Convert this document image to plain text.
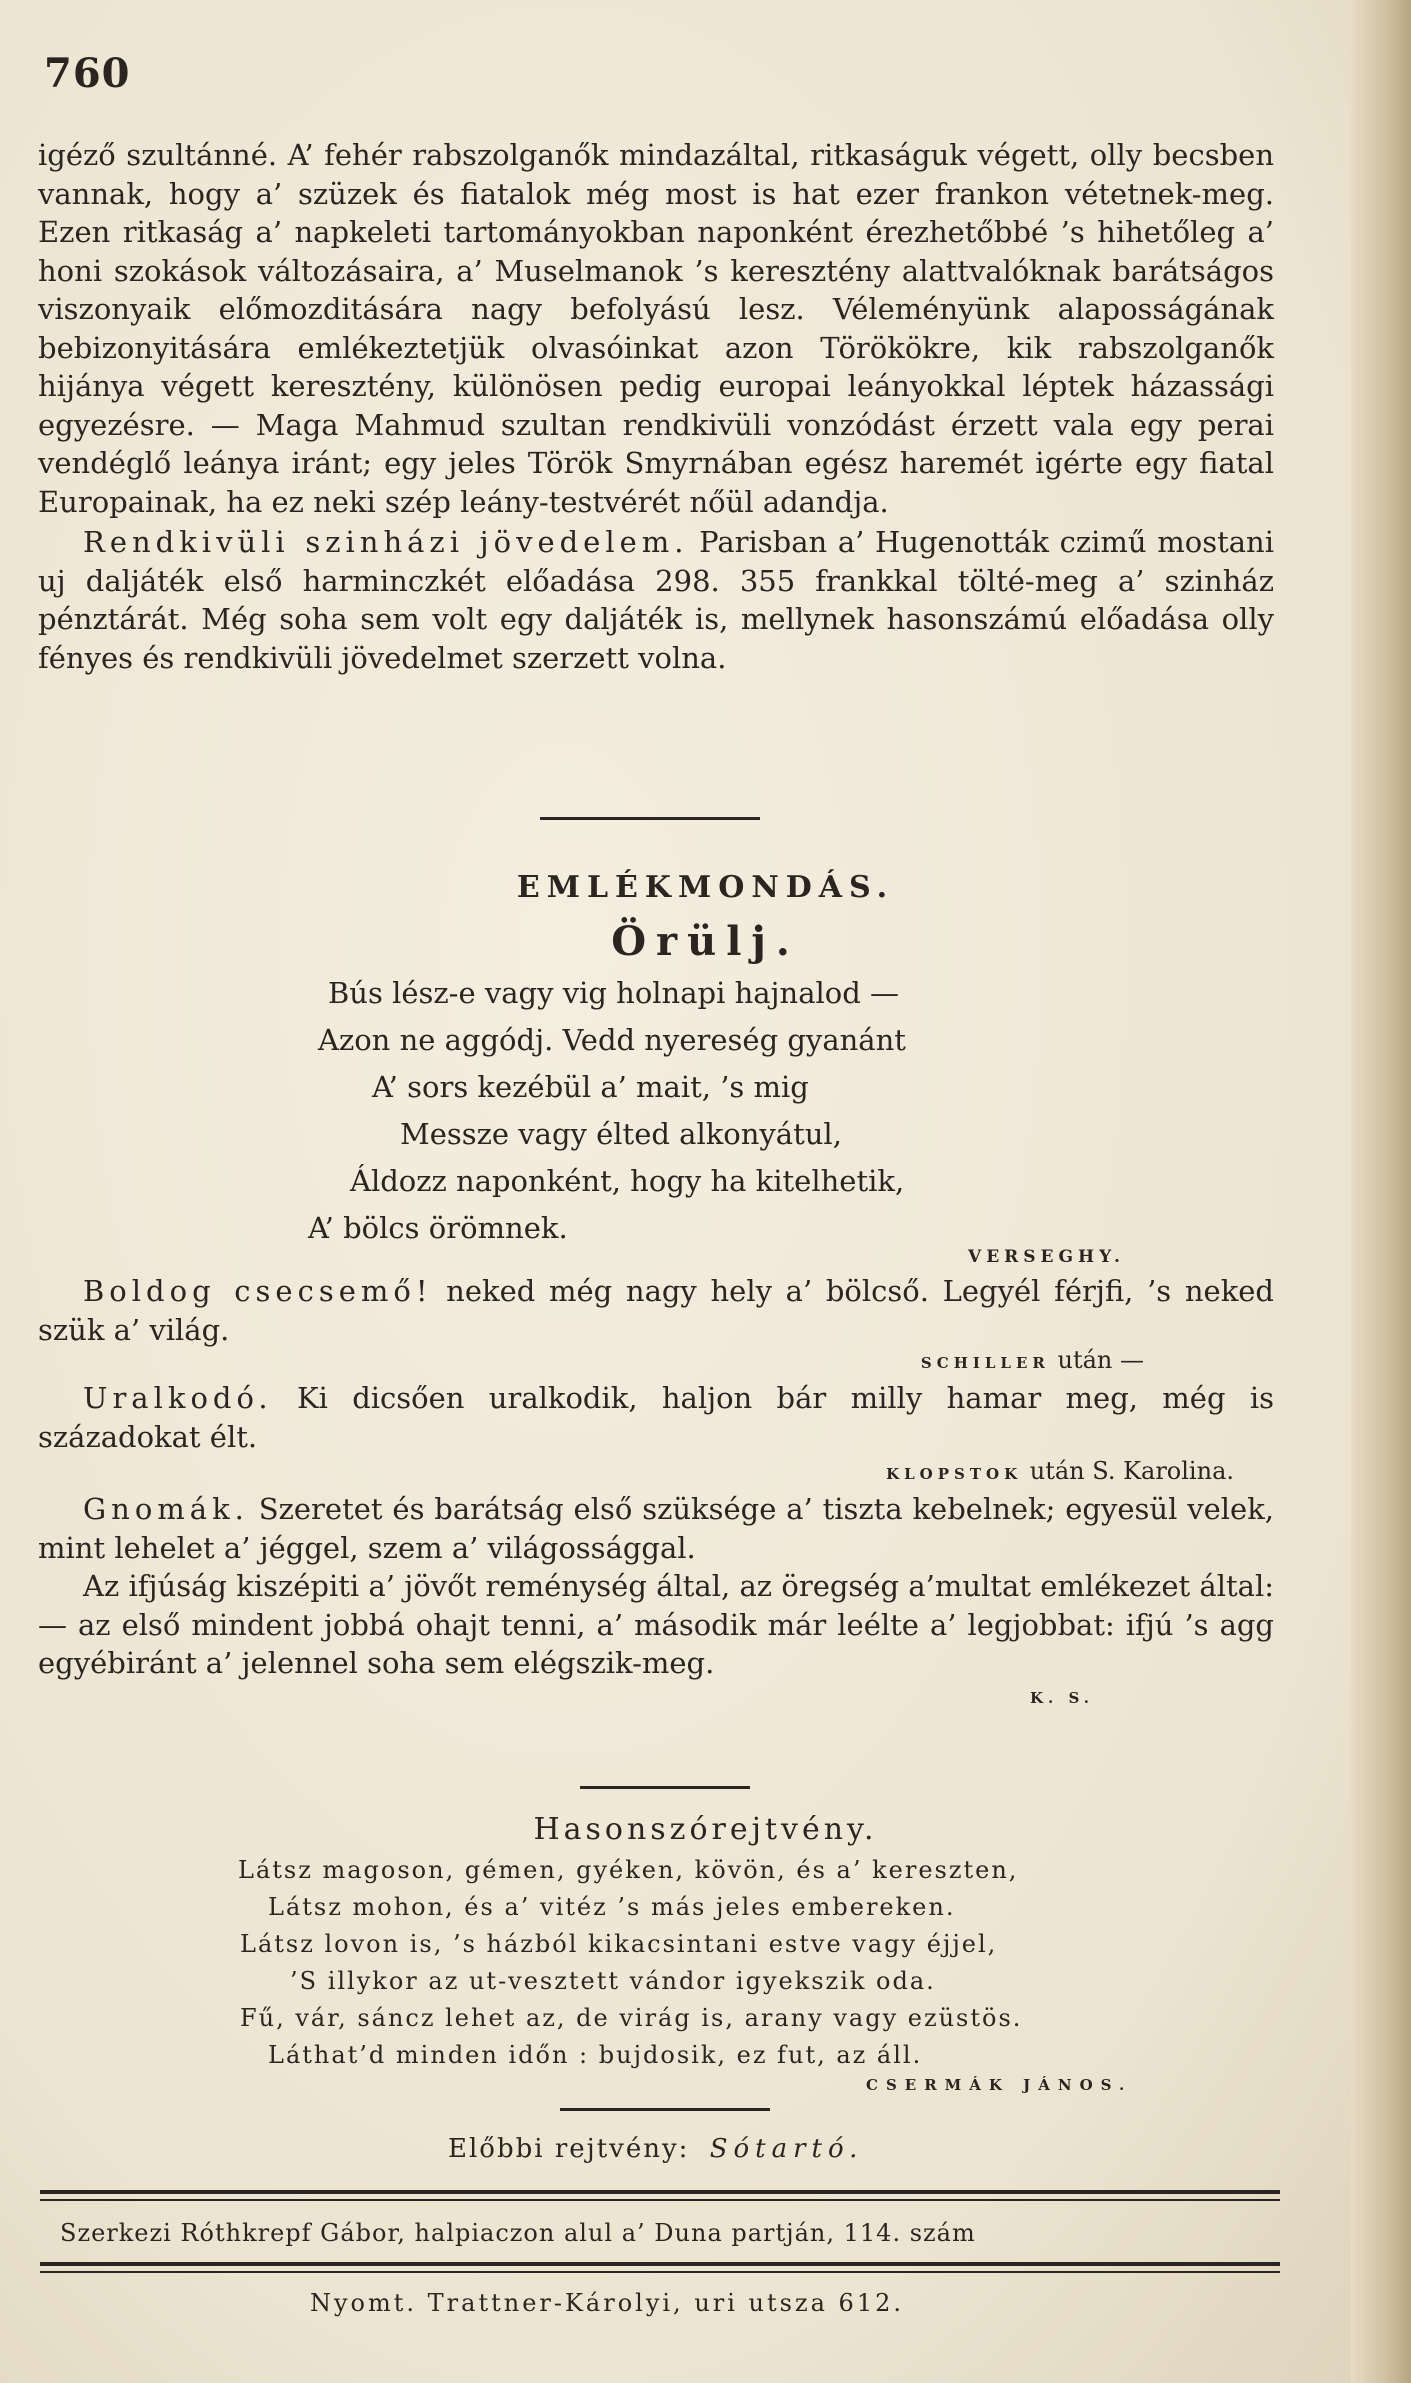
760

igéző szultánné. A’ fehér rabszolganők mindazáltal, ritkaságuk végett, olly becsben vannak, hogy a’ szüzek és fiatalok még most is hat ezer frankon vétetnek-meg. Ezen ritkaság a’ napkeleti tartományokban naponként érezhetőbbé ’s hihetőleg a’ honi szokások változásaira, a’ Muselmanok ’s keresztény alattvalóknak barátságos viszonyaik előmozditására nagy befolyású lesz. Véleményünk alaposságának bebizonyitására emlékeztetjük olvasóinkat azon Törökökre, kik rabszolganők hijánya végett keresztény, különösen pedig europai leányokkal léptek házassági egyezésre. — Maga Mahmud szultan rendkivüli vonzódást érzett vala egy perai vendéglő leánya iránt; egy jeles Török Smyrnában egész haremét igérte egy fiatal Europainak, ha ez neki szép leány-testvérét nőül adandja.

Rendkivüli szinházi jövedelem. Parisban a’ Hugenották czimű mostani uj daljáték első harminczkét előadása 298. 355 frankkal tölté-meg a’ szinház pénztárát. Még soha sem volt egy daljáték is, mellynek hasonszámú előadása olly fényes és rendkivüli jövedelmet szerzett volna.

EMLÉKMONDÁS.
Örülj.
Bús lész-e vagy vig holnapi hajnalod —
Azon ne aggódj. Vedd nyereség gyanánt
A’ sors kezébül a’ mait, ’s mig
Messze vagy élted alkonyátul,
Áldozz naponként, hogy ha kitelhetik,
A’ bölcs örömnek.
VERSEGHY.

Boldog csecsemő! neked még nagy hely a’ bölcső. Legyél férjfi, ’s neked szük a’ világ.

SCHILLER után —

Uralkodó. Ki dicsően uralkodik, haljon bár milly hamar meg, még is századokat élt.

KLOPSTOK után S. Karolina.

Gnomák. Szeretet és barátság első szüksége a’ tiszta kebelnek; egyesül velek, mint lehelet a’ jéggel, szem a’ világossággal.

Az ifjúság kiszépiti a’ jövőt reménység által, az öregség a’multat emlékezet által: — az első mindent jobbá ohajt tenni, a’ második már leélte a’ legjobbat: ifjú ’s agg egyébiránt a’ jelennel soha sem elégszik-meg.

K. S.
Hasonszórejtvény.
Látsz magoson, gémen, gyéken, kövön, és a’ kereszten,
Látsz mohon, és a’ vitéz ’s más jeles embereken.
Látsz lovon is, ’s házból kikacsintani estve vagy éjjel,
’S illykor az ut-vesztett vándor igyekszik oda.
Fű, vár, sáncz lehet az, de virág is, arany vagy ezüstös.
Láthat’d minden időn : bujdosik, ez fut, az áll.
CSERMÁK JÁNOS.
Előbbi rejtvény: Sótartó.
Szerkezi Róthkrepf Gábor, halpiaczon alul a’ Duna partján, 114. szám
Nyomt. Trattner-Károlyi, uri utsza 612.
